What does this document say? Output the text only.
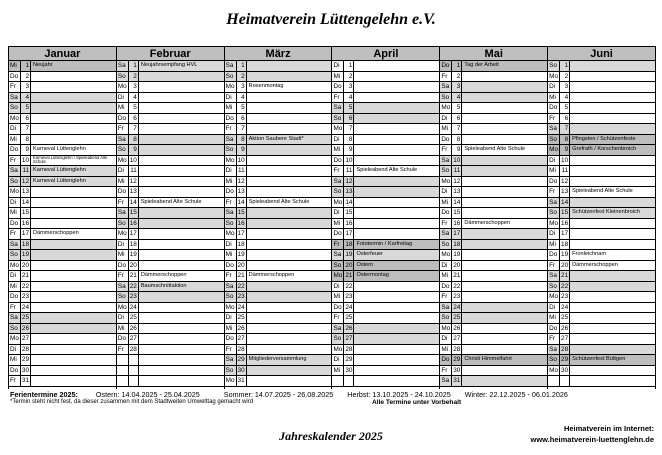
Heimatverein Lüttengelehn e.V.
Januar
Mi	1 Neujahr
Do	2
Fr	3
Sa	4
So	5
Mo	6
Di	7
Mi	8
Do	9 Karneval Lüttenglehn
Fr 10 Karneval Lüttenglehn / Spieleabend Alte Schule
Sa 11 Karneval Lüttenglehn
So 12 Karneval Lüttenglehn
Mo 13
Di 14
Mi 15
Do 16
Fr 17 Dämmerschoppen
Sa 18
So 19
Mo 20
Di 21
Mi 22
Do 23
Fr 24
Sa 25
So 26
Mo 27
Di 28
Mi 29
Do 30
Fr 31
Februar
Sa	1 Neujahrsempfang HVL
So	2
Mo	3
Di	4
Mi	5
Do	6
Fr	7
Sa	8
So	9
Mo 10
Di 11
Mi 12
Do 13
Fr 14 Spieleabend Alte Schule
Sa 15
So 16
Mo 17
Di 18
Mi 19
Do 20
Fr 21 Dämmerschoppen
Sa 22 Baumschnittaktion
So 23
Mo 24
Di 25
Mi 26
Do 27
Fr 28
März
Sa	1
So	2
Mo	3 Rosenmontag
Di	4
Mi	5
Do	6
Fr	7
Sa	8 Aktion Saubere Stadt*
So	9
Mo 10
Di 11
Mi 12
Do 13
Fr 14 Spieleabend Alte Schule
Sa 15
So 16
Mo 17
Di 18
Mi 19
Do 20
Fr 21 Dämmerschoppen
Sa 22
So 23
Mo 24
Di 25
Mi 26
Do 27
Fr 28
Sa 29 Mitgliederversammlung
So 30
Mo 31
April
Di	1
Mi	2
Do	3
Fr	4
Sa	5
So	6
Mo	7
Di	8
Mi	9
Do 10
Fr 11 Spieleabend Alte Schule
Sa 12
So 13
Mo 14
Di 15
Mi 16
Do 17
Fr 18 Fototermin / Karfreitag
Sa 19 Osterfeuer
So 20 Ostern
Mo 21 Ostermontag
Di 22
Mi 23
Do 24
Fr 25
Sa 26
So 27
Mo 28
Di 29
Mi 30
Mai
Do	1 Tag der Arbeit
Fr	2
Sa	3
So	4
Mo	5
Di	6
Mi	7
Do	8
Fr	9 Spieleabend Alte Schule
Sa 10
So 11
Mo 12
Di 13
Mi 14
Do 15
Fr 16 Dämmerschoppen
Sa 17
So 18
Mo 19
Di 20
Mi 21
Do 22
Fr 23
Sa 24
So 25
Mo 26
Di 27
Mi 28
Do 29 Christi Himmelfahrt
Fr 30
Sa 31
Juni
So	1
Mo	2
Di	3
Mi	4
Do	5
Fr	6
Sa	7
So	8 Pfingsten / Schützenfeste
Mo	9 Grefrath / Korschenbroich
Di 10
Mi 11
Do 12
Fr 13 Spieleabend Alte Schule
Sa 14
So 15 Schützenfest Kleinenbroich
Mo 16
Di 17
Mi 18
Do 19 Fronleichnam
Fr 20 Dämmerschoppen
Sa 21
So 22
Mo 23
Di 24
Mi 25
Do 26
Fr 27
Sa 28
So 29 Schützenfest Büttgen
Mo 30
Ferientermine 2025: Ostern: 14.04.2025 - 25.04.2025	Sommer: 14.07.2025 - 26.08.2025 Herbst: 13.10.2025 - 24.10.2025 Winter: 22.12.2025 - 06.01.2026
*Termin steht nicht fest, da dieser zusammen mit dem Stadtweiten Umwelttag gemacht wird	Alle Termine unter Vorbehalt
Jahreskalender 2025
Heimatverein im Internet:
www.heimatverein-luettenglehn.de
